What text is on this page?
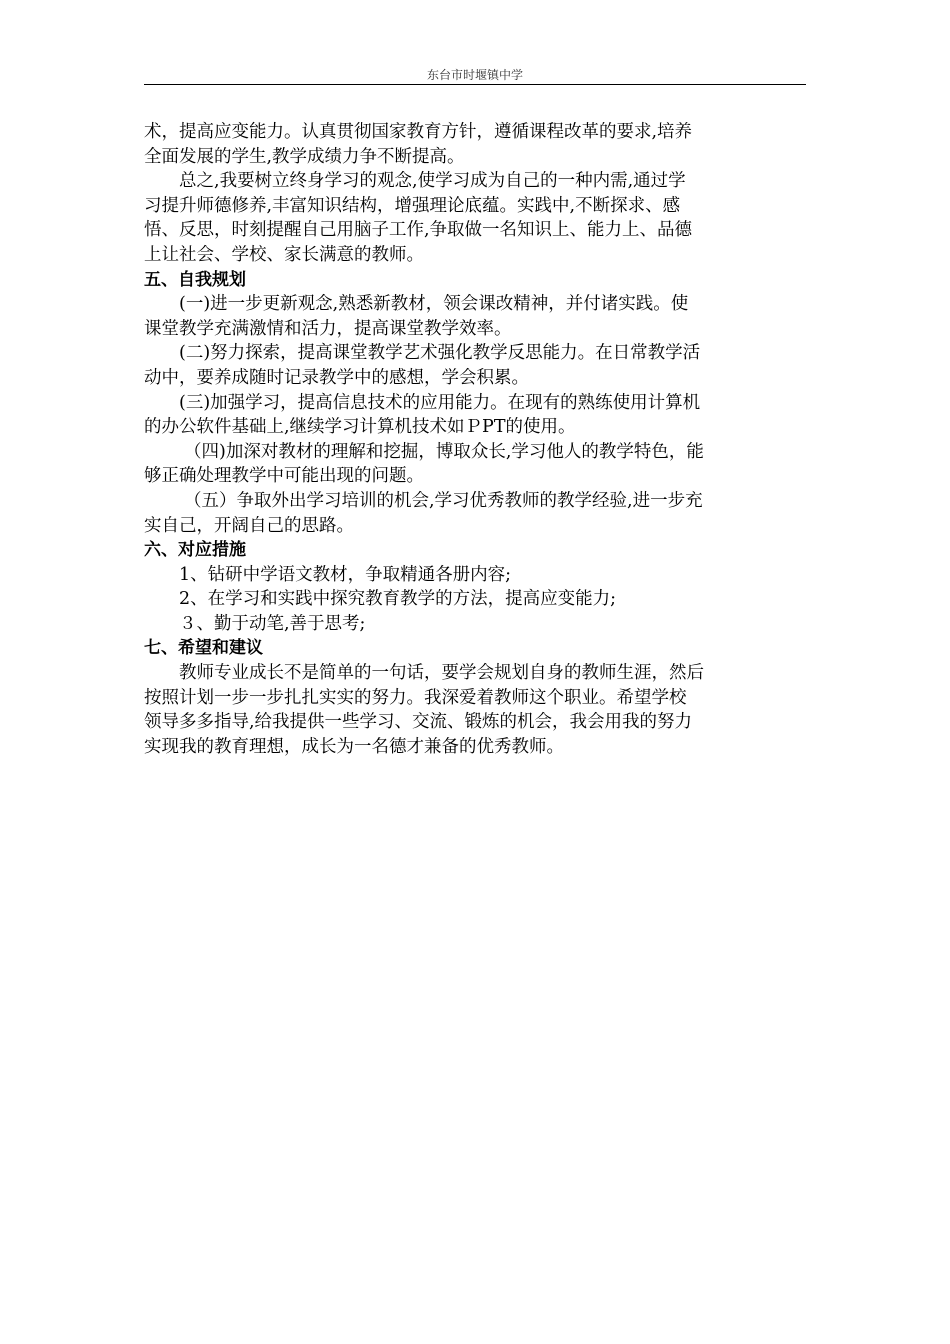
东台市时堰镇中学
术，提高应变能力。认真贯彻国家教育方针，遵循课程改革的要求,培养
全面发展的学生,教学成绩力争不断提高。
总之,我要树立终身学习的观念,使学习成为自己的一种内需,通过学
习提升师德修养,丰富知识结构，增强理论底蕴。实践中,不断探求、感
悟、反思，时刻提醒自己用脑子工作,争取做一名知识上、能力上、品德
上让社会、学校、家长满意的教师。
五、自我规划
(一)进一步更新观念,熟悉新教材，领会课改精神，并付诸实践。使
课堂教学充满激情和活力，提高课堂教学效率。
(二)努力探索，提高课堂教学艺术强化教学反思能力。在日常教学活
动中，要养成随时记录教学中的感想，学会积累。
(三)加强学习，提高信息技术的应用能力。在现有的熟练使用计算机
的办公软件基础上,继续学习计算机技术如ＰPT的使用。
（四)加深对教材的理解和挖掘，博取众长,学习他人的教学特色，能
够正确处理教学中可能出现的问题。
（五）争取外出学习培训的机会,学习优秀教师的教学经验,进一步充
实自己，开阔自己的思路。
六、对应措施
1、钻研中学语文教材，争取精通各册内容;
2、在学习和实践中探究教育教学的方法，提高应变能力;
３、勤于动笔,善于思考;
七、希望和建议
教师专业成长不是简单的一句话，要学会规划自身的教师生涯，然后
按照计划一步一步扎扎实实的努力。我深爱着教师这个职业。希望学校
领导多多指导,给我提供一些学习、交流、锻炼的机会，我会用我的努力
实现我的教育理想，成长为一名德才兼备的优秀教师。
